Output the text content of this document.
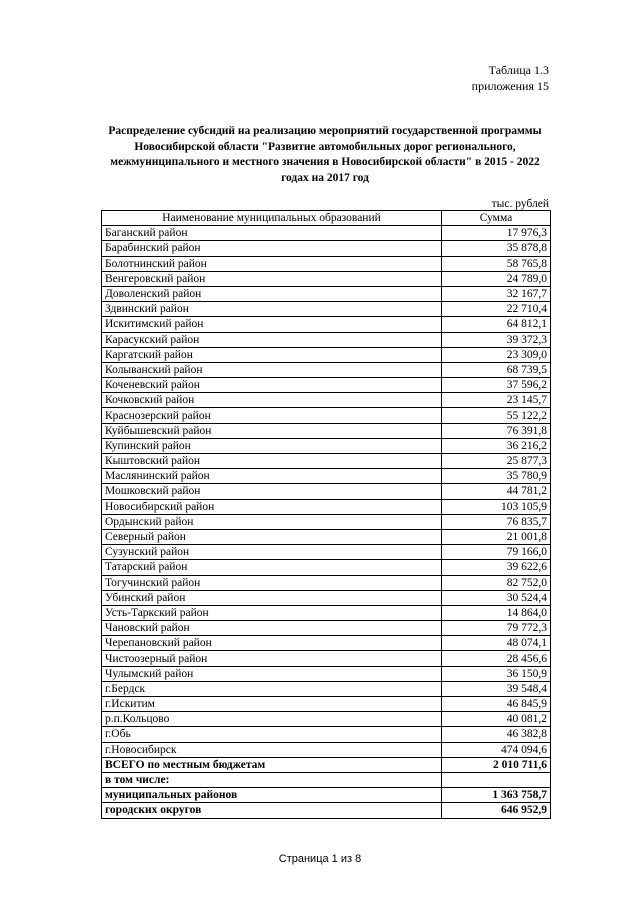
Таблица 1.3
приложения 15
Распределение субсидий на реализацию мероприятий государственной программы Новосибирской области "Развитие автомобильных дорог регионального, межмуниципального и местного значения в Новосибирской области" в 2015 - 2022 годах на 2017 год
тыс. рублей
Наименование муниципальных образований	Сумма
Баганский район	17 976,3
Барабинский район	35 878,8
Болотнинский район	58 765,8
Венгеровский район	24 789,0
Доволенский район	32 167,7
Здвинский район	22 710,4
Искитимский район	64 812,1
Карасукский район	39 372,3
Каргатский район	23 309,0
Колыванский район	68 739,5
Коченевский район	37 596,2
Кочковский район	23 145,7
Краснозерский район	55 122,2
Куйбышевский район	76 391,8
Купинский район	36 216,2
Кыштовский район	25 877,3
Маслянинский район	35 780,9
Мошковский район	44 781,2
Новосибирский район	103 105,9
Ордынский район	76 835,7
Северный район	21 001,8
Сузунский район	79 166,0
Татарский район	39 622,6
Тогучинский район	82 752,0
Убинский район	30 524,4
Усть-Таркский район	14 864,0
Чановский район	79 772,3
Черепановский район	48 074,1
Чистоозерный район	28 456,6
Чулымский район	36 150,9
г.Бердск	39 548,4
г.Искитим	46 845,9
р.п.Кольцово	40 081,2
г.Обь	46 382,8
г.Новосибирск	474 094,6
ВСЕГО по местным бюджетам	2 010 711,6
в том числе:	
муниципальных районов	1 363 758,7
городских округов	646 952,9
Страница 1 из 8
